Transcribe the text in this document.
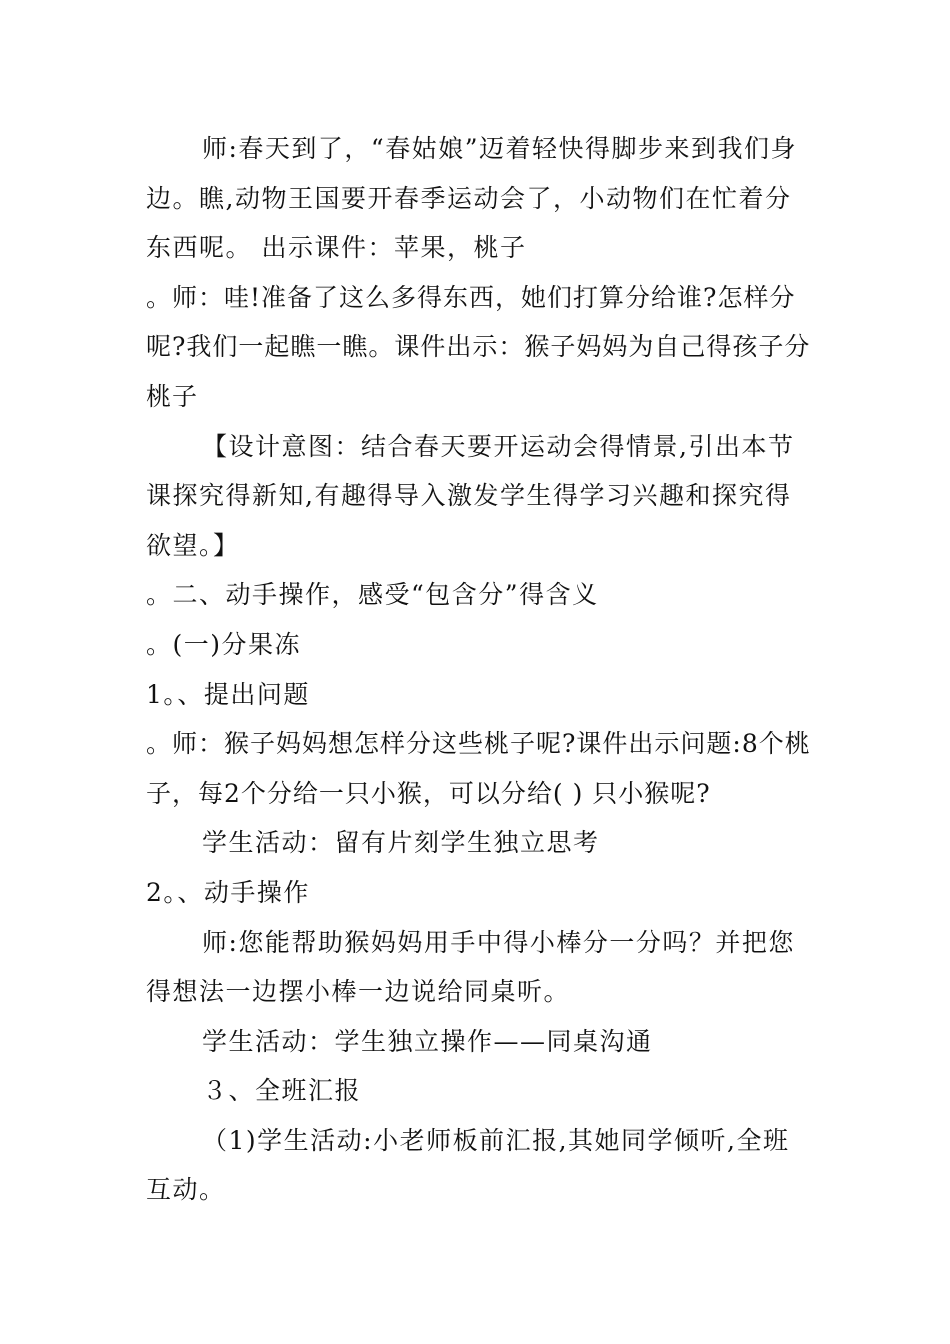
师:春天到了，“春姑娘”迈着轻快得脚步来到我们身边。瞧,动物王国要开春季运动会了，小动物们在忙着分东西呢。 出示课件：苹果，桃子

。师：哇!准备了这么多得东西，她们打算分给谁?怎样分呢?我们一起瞧一瞧。课件出示：猴子妈妈为自己得孩子分桃子

【设计意图：结合春天要开运动会得情景,引出本节课探究得新知,有趣得导入激发学生得学习兴趣和探究得欲望。】

。二、动手操作，感受“包含分”得含义

。(一)分果冻

1。、提出问题

。师：猴子妈妈想怎样分这些桃子呢?课件出示问题:8个桃子，每2个分给一只小猴，可以分给( ) 只小猴呢?

学生活动：留有片刻学生独立思考

2。、动手操作

师:您能帮助猴妈妈用手中得小棒分一分吗？并把您得想法一边摆小棒一边说给同桌听。

学生活动：学生独立操作——同桌沟通

３、全班汇报

（1)学生活动:小老师板前汇报,其她同学倾听,全班互动。
